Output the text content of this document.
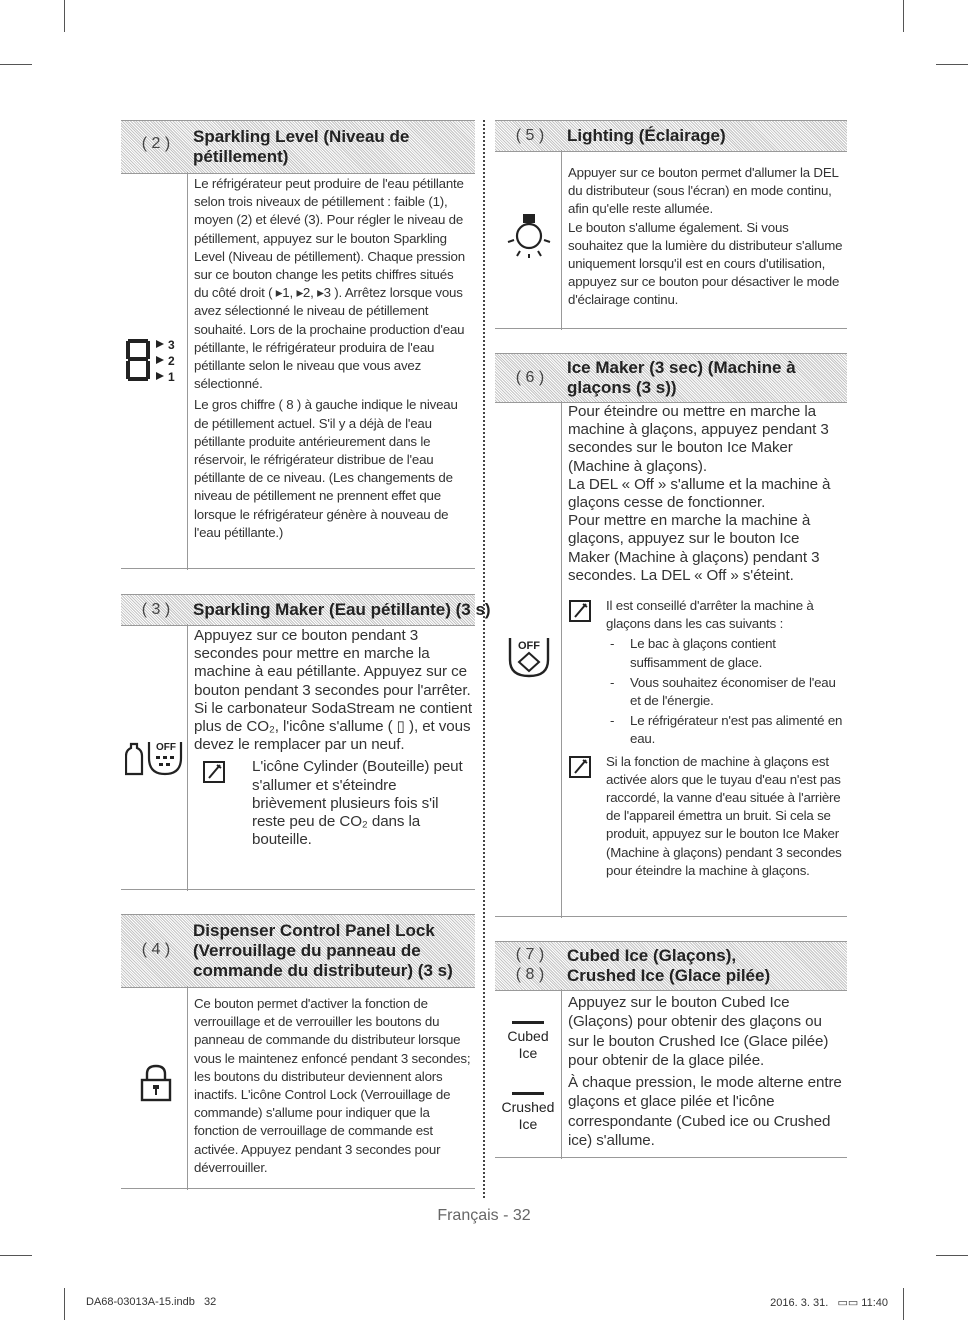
( 2 )	Sparkling Level (Niveau de pétillement)
3
2
1

Le réfrigérateur peut produire de l'eau pétillante selon trois niveaux de pétillement : faible (1), moyen (2) et élevé (3). Pour régler le niveau de pétillement, appuyez sur le bouton Sparkling Level (Niveau de pétillement). Chaque pression sur ce bouton change les petits chiffres situés du côté droit ( ▸1, ▸2, ▸3 ). Arrêtez lorsque vous avez sélectionné le niveau de pétillement souhaité. Lors de la prochaine production d'eau pétillante, le réfrigérateur produira de l'eau pétillante selon le niveau que vous avez sélectionné.

Le gros chiffre ( 8 ) à gauche indique le niveau de pétillement actuel. S'il y a déjà de l'eau pétillante produite antérieurement dans le réservoir, le réfrigérateur distribue de l'eau pétillante de ce niveau. (Les changements de niveau de pétillement ne prennent effet que lorsque le réfrigérateur génère à nouveau de l'eau pétillante.)

( 3 )	Sparkling Maker (Eau pétillante) (3 s)
OFF

Appuyez sur ce bouton pendant 3 secondes pour mettre en marche la machine à eau pétillante. Appuyez sur ce bouton pendant 3 secondes pour l'arrêter.

Si le carbonateur SodaStream ne contient plus de CO₂, l'icône s'allume ( ▯ ), et vous devez le remplacer par un neuf.

L'icône Cylinder (Bouteille) peut s'allumer et s'éteindre brièvement plusieurs fois s'il reste peu de CO₂ dans la bouteille.
( 4 )
Dispenser Control Panel Lock (Verrouillage du panneau de commande du distributeur) (3 s)

Ce bouton permet d'activer la fonction de verrouillage et de verrouiller les boutons du panneau de commande du distributeur lorsque vous le maintenez enfoncé pendant 3 secondes; les boutons du distributeur deviennent alors inactifs. L'icône Control Lock (Verrouillage de commande) s'allume pour indiquer que la fonction de verrouillage de commande est activée. Appuyez pendant 3 secondes pour déverrouiller.

( 5 )	Lighting (Éclairage)

Appuyer sur ce bouton permet d'allumer la DEL du distributeur (sous l'écran) en mode continu, afin qu'elle reste allumée.

Le bouton s'allume également. Si vous souhaitez que la lumière du distributeur s'allume uniquement lorsqu'il est en cours d'utilisation, appuyez sur ce bouton pour désactiver le mode d'éclairage continu.

( 6 )
Ice Maker (3 sec) (Machine à glaçons (3 s))
OFF

Pour éteindre ou mettre en marche la machine à glaçons, appuyez pendant 3 secondes sur le bouton Ice Maker (Machine à glaçons).

La DEL « Off » s'allume et la machine à glaçons cesse de fonctionner.

Pour mettre en marche la machine à glaçons, appuyez sur le bouton Ice Maker (Machine à glaçons) pendant 3 secondes. La DEL « Off » s'éteint.

Il est conseillé d'arrêter la machine à glaçons dans les cas suivants :
- Le bac à glaçons contient suffisamment de glace.
- Vous souhaitez économiser de l'eau et de l'énergie.
- Le réfrigérateur n'est pas alimenté en eau.
Si la fonction de machine à glaçons est activée alors que le tuyau d'eau n'est pas raccordé, la vanne d'eau située à l'arrière de l'appareil émettra un bruit. Si cela se produit, appuyez sur le bouton Ice Maker (Machine à glaçons) pendant 3 secondes pour éteindre la machine à glaçons.
( 7 )
( 8 )
Cubed Ice (Glaçons),
Crushed Ice (Glace pilée)
Cubed
Ice
Crushed
Ice

Appuyez sur le bouton Cubed Ice (Glaçons) pour obtenir des glaçons ou sur le bouton Crushed Ice (Glace pilée) pour obtenir de la glace pilée.

À chaque pression, le mode alterne entre glaçons et glace pilée et l'icône correspondante (Cubed ice ou Crushed ice) s'allume.

Français - 32
DA68-03013A-15.indb   32	2016. 3. 31.   ▭▭ 11:40
